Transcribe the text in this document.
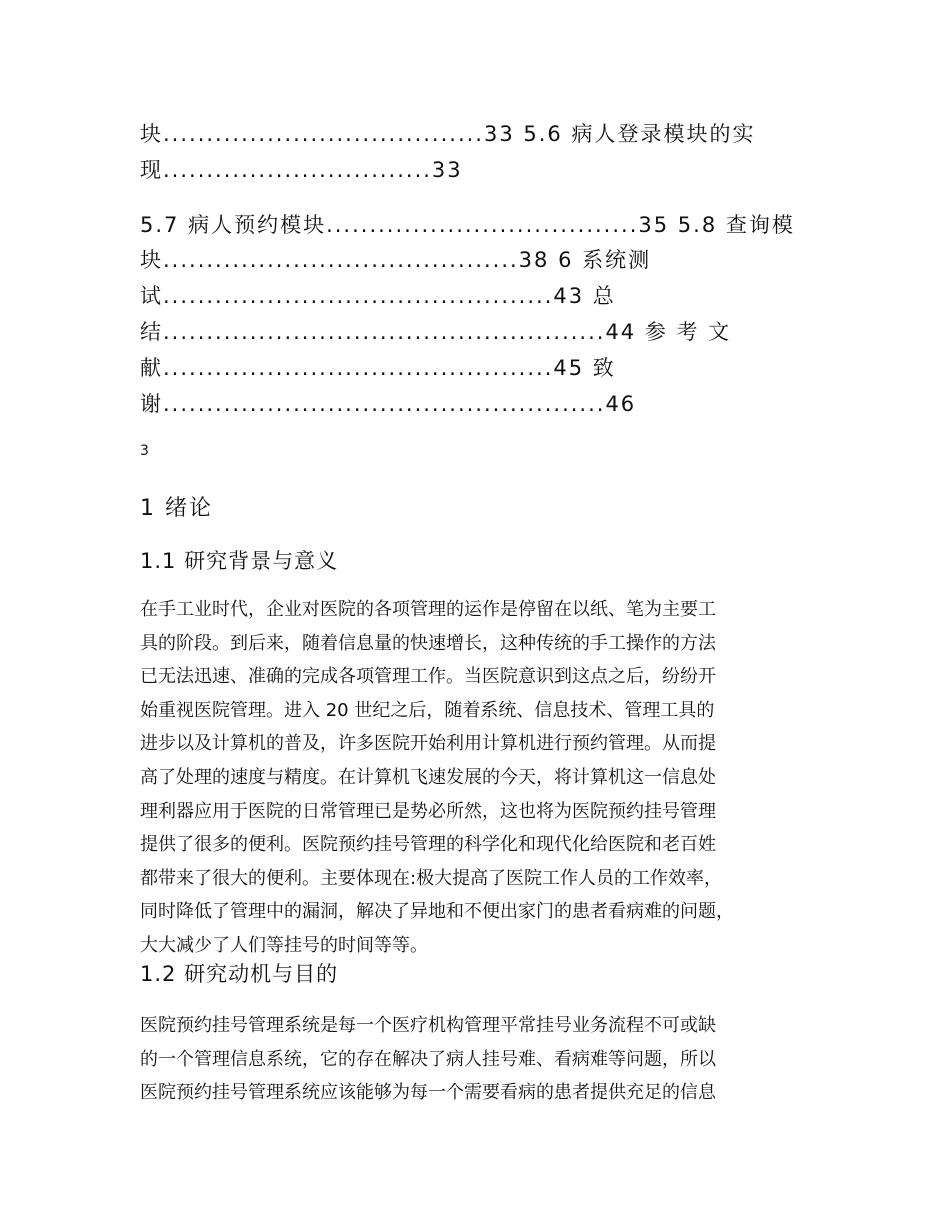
块.....................................33 5.6 病人登录模块的实
现...............................33
5.7 病人预约模块....................................35 5.8 查询模
块.........................................38 6 系统测
试.............................................43 总
结...................................................44 参 考 文
献.............................................45 致
谢...................................................46
3
1 绪论
1.1 研究背景与意义

在手工业时代，企业对医院的各项管理的运作是停留在以纸、笔为主要工
具的阶段。到后来，随着信息量的快速增长，这种传统的手工操作的方法
已无法迅速、准确的完成各项管理工作。当医院意识到这点之后，纷纷开
始重视医院管理。进入 20 世纪之后，随着系统、信息技术、管理工具的
进步以及计算机的普及，许多医院开始利用计算机进行预约管理。从而提
高了处理的速度与精度。在计算机飞速发展的今天，将计算机这一信息处
理利器应用于医院的日常管理已是势必所然，这也将为医院预约挂号管理
提供了很多的便利。医院预约挂号管理的科学化和现代化给医院和老百姓
都带来了很大的便利。主要体现在:极大提高了医院工作人员的工作效率，
同时降低了管理中的漏洞，解决了异地和不便出家门的患者看病难的问题，
大大减少了人们等挂号的时间等等。

1.2 研究动机与目的

医院预约挂号管理系统是每一个医疗机构管理平常挂号业务流程不可或缺
的一个管理信息系统，它的存在解决了病人挂号难、看病难等问题，所以
医院预约挂号管理系统应该能够为每一个需要看病的患者提供充足的信息
